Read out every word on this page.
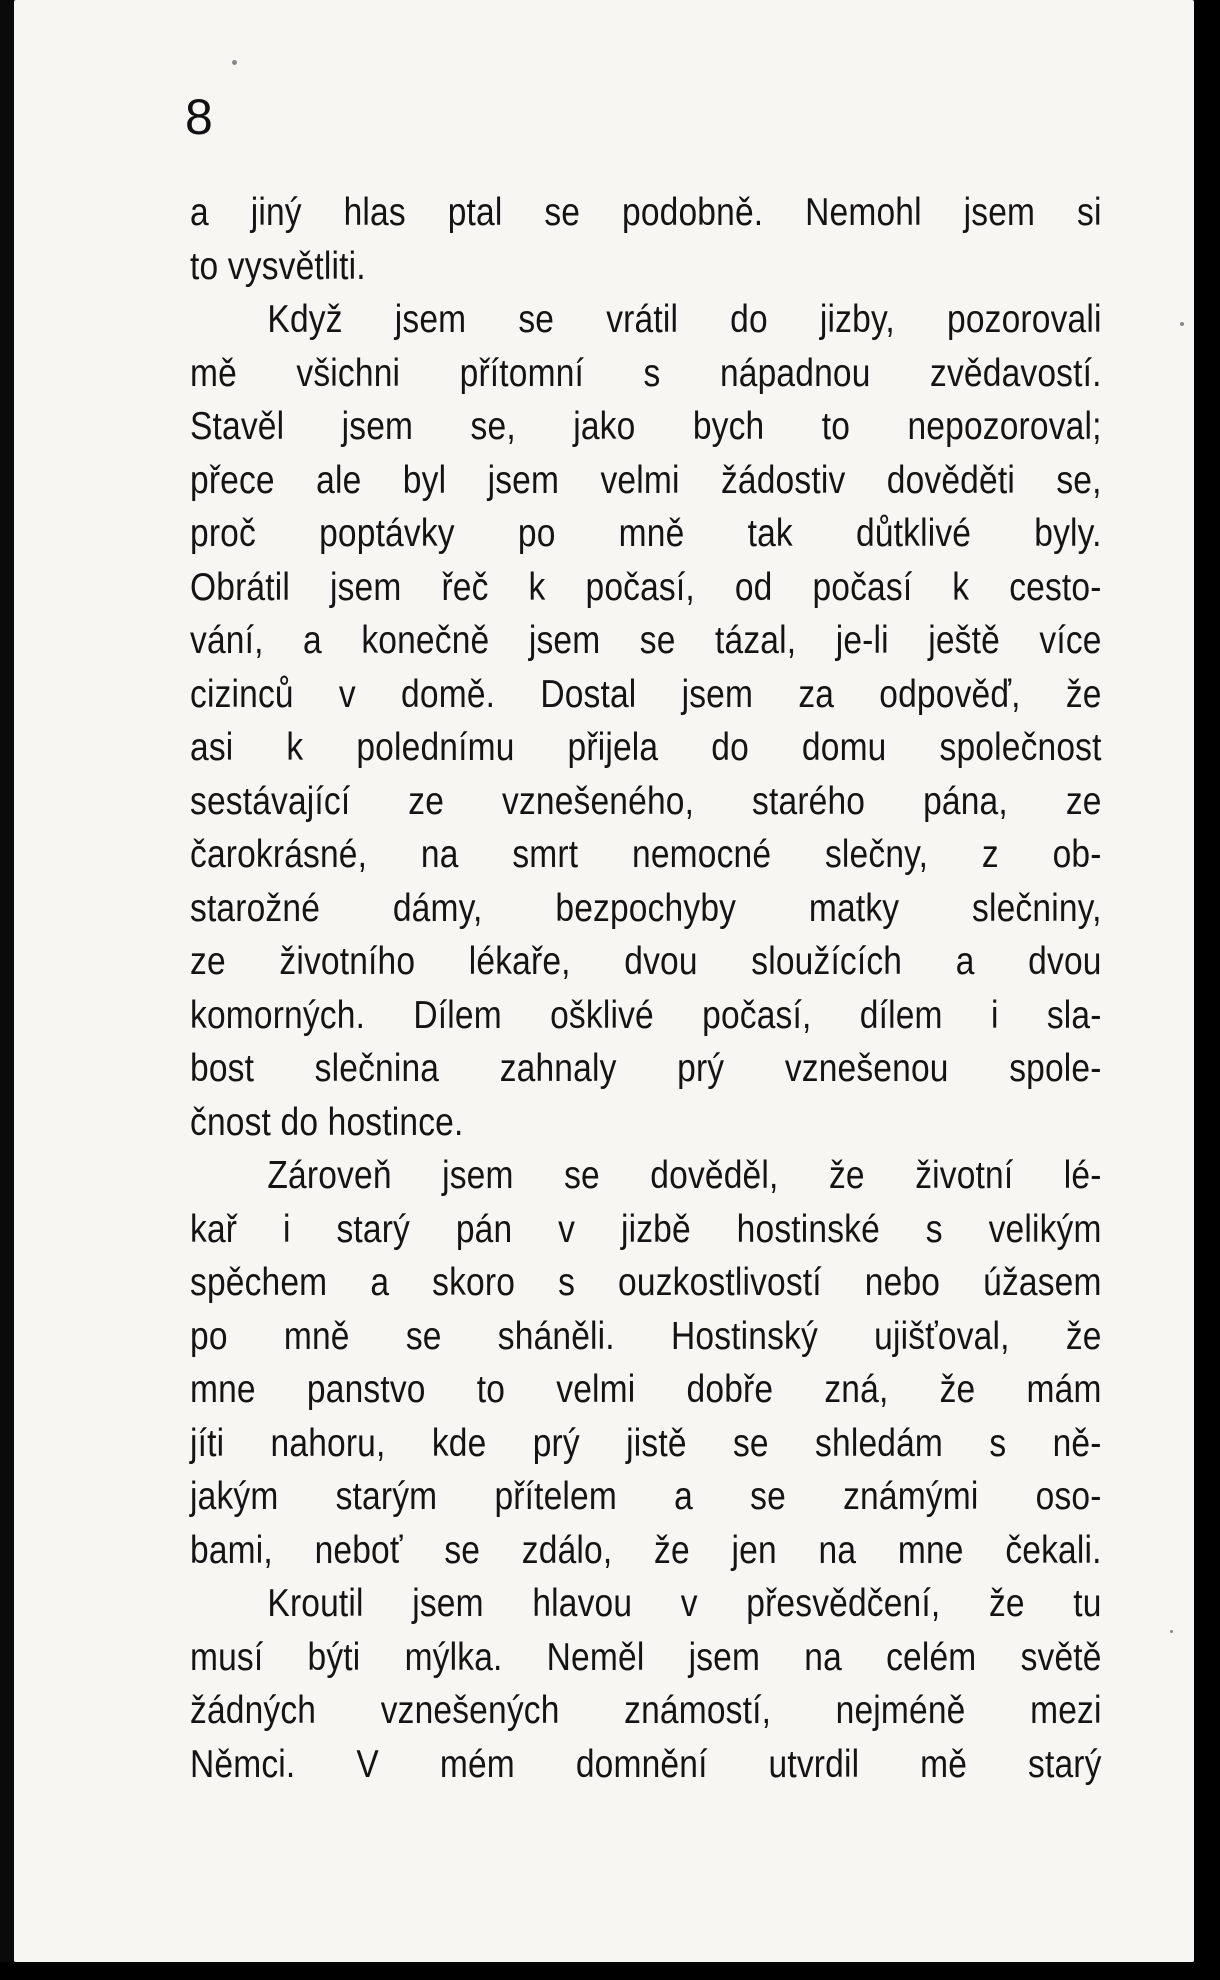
8
a jiný hlas ptal se podobně. Nemohl jsem si
to vysvětliti.
Když jsem se vrátil do jizby, pozorovali
mě všichni přítomní s nápadnou zvědavostí.
Stavěl jsem se, jako bych to nepozoroval;
přece ale byl jsem velmi žádostiv dověděti se,
proč poptávky po mně tak důtklivé byly.
Obrátil jsem řeč k počasí, od počasí k cesto-
vání, a konečně jsem se tázal, je-li ještě více
cizinců v domě. Dostal jsem za odpověď, že
asi k polednímu přijela do domu společnost
sestávající ze vznešeného, starého pána, ze
čarokrásné, na smrt nemocné slečny, z ob-
starožné dámy, bezpochyby matky slečniny,
ze životního lékaře, dvou sloužících a dvou
komorných. Dílem ošklivé počasí, dílem i sla-
bost slečnina zahnaly prý vznešenou spole-
čnost do hostince.
Zároveň jsem se dověděl, že životní lé-
kař i starý pán v jizbě hostinské s velikým
spěchem a skoro s ouzkostlivostí nebo úžasem
po mně se sháněli. Hostinský ujišťoval, že
mne panstvo to velmi dobře zná, že mám
jíti nahoru, kde prý jistě se shledám s ně-
jakým starým přítelem a se známými oso-
bami, neboť se zdálo, že jen na mne čekali.
Kroutil jsem hlavou v přesvědčení, že tu
musí býti mýlka. Neměl jsem na celém světě
žádných vznešených známostí, nejméně mezi
Němci. V mém domnění utvrdil mě starý
